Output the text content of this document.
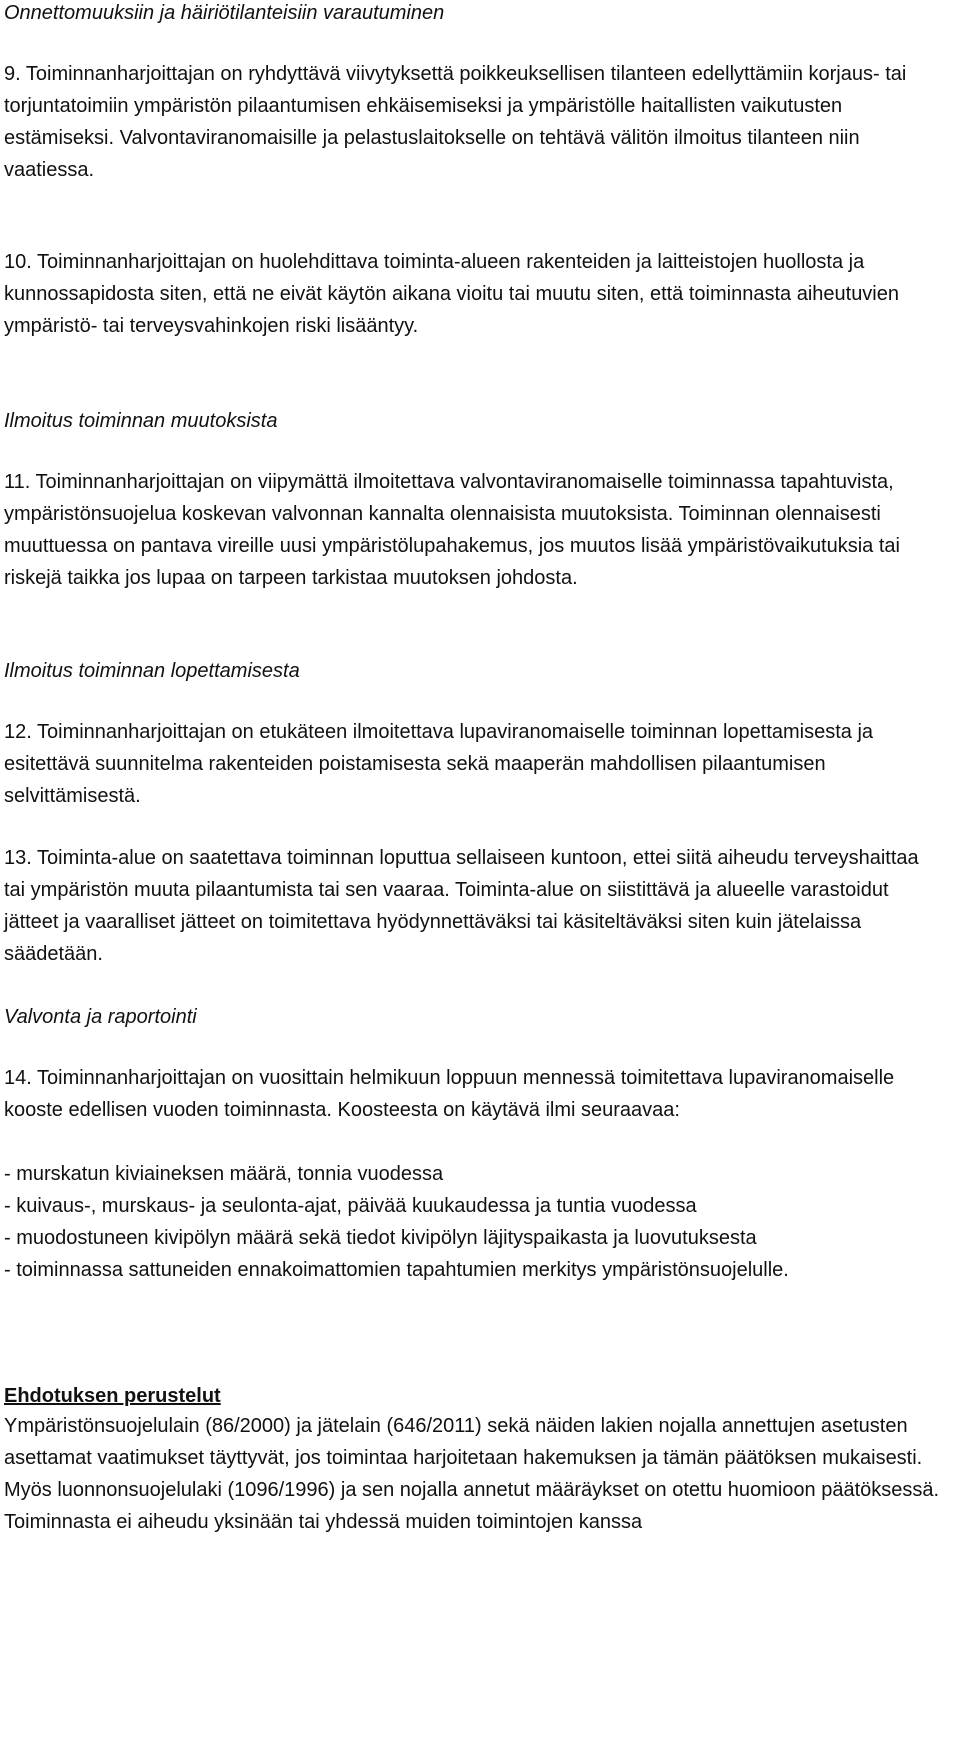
Onnettomuuksiin ja häiriötilanteisiin varautuminen

9. Toiminnanharjoittajan on ryhdyttävä viivytyksettä poikkeuksellisen tilanteen edellyttämiin korjaus- tai torjuntatoimiin ympäristön pilaantumisen ehkäisemiseksi ja ympäristölle haitallisten vaikutusten estämiseksi. Valvontaviranomaisille ja pelastuslaitokselle on tehtävä välitön ilmoitus tilanteen niin vaatiessa.

10. Toiminnanharjoittajan on huolehdittava toiminta-alueen rakenteiden ja laitteistojen huollosta ja kunnossapidosta siten, että ne eivät käytön aikana vioitu tai muutu siten, että toiminnasta aiheutuvien ympäristö- tai terveysvahinkojen riski lisääntyy.

Ilmoitus toiminnan muutoksista

11. Toiminnanharjoittajan on viipymättä ilmoitettava valvontaviranomaiselle toiminnassa tapahtuvista, ympäristönsuojelua koskevan valvonnan kannalta olennaisista muutoksista. Toiminnan olennaisesti muuttuessa on pantava vireille uusi ympäristölupahakemus, jos muutos lisää ympäristövaikutuksia tai riskejä taikka jos lupaa on tarpeen tarkistaa muutoksen johdosta.

Ilmoitus toiminnan lopettamisesta

12. Toiminnanharjoittajan on etukäteen ilmoitettava lupaviranomaiselle toiminnan lopettamisesta ja esitettävä suunnitelma rakenteiden poistamisesta sekä maaperän mahdollisen pilaantumisen selvittämisestä.

13. Toiminta-alue on saatettava toiminnan loputtua sellaiseen kuntoon, ettei siitä aiheudu terveyshaittaa tai ympäristön muuta pilaantumista tai sen vaaraa. Toiminta-alue on siistittävä ja alueelle varastoidut jätteet ja vaaralliset jätteet on toimitettava hyödynnettäväksi tai käsiteltäväksi siten kuin jätelaissa säädetään.

Valvonta ja raportointi

14. Toiminnanharjoittajan on vuosittain helmikuun loppuun mennessä toimitettava lupaviranomaiselle kooste edellisen vuoden toiminnasta. Koosteesta on käytävä ilmi seuraavaa:

- murskatun kiviaineksen määrä, tonnia vuodessa
- kuivaus-, murskaus- ja seulonta-ajat, päivää kuukaudessa ja tuntia vuodessa
- muodostuneen kivipölyn määrä sekä tiedot kivipölyn läjityspaikasta ja luovutuksesta
- toiminnassa sattuneiden ennakoimattomien tapahtumien merkitys ympäristönsuojelulle.

Ehdotuksen perustelut

Ympäristönsuojelulain (86/2000) ja jätelain (646/2011) sekä näiden lakien nojalla annettujen asetusten asettamat vaatimukset täyttyvät, jos toimintaa harjoitetaan hakemuksen ja tämän päätöksen mukaisesti. Myös luonnonsuojelulaki (1096/1996) ja sen nojalla annetut määräykset on otettu huomioon päätöksessä. Toiminnasta ei aiheudu yksinään tai yhdessä muiden toimintojen kanssa
